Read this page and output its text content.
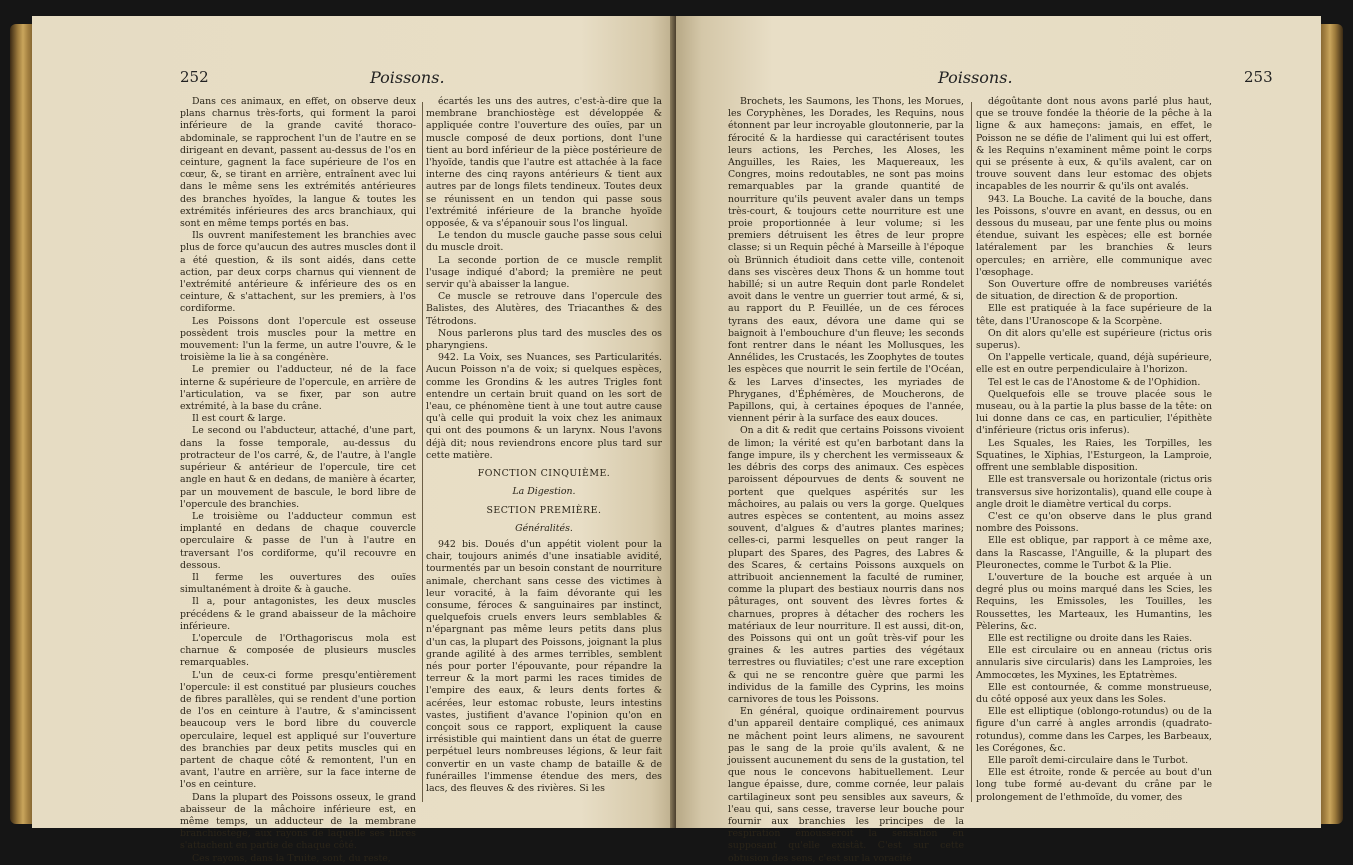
252	Poissons.

Dans ces animaux, en effet, on observe deux plans charnus très-forts, qui forment la paroi inférieure de la grande cavité thoraco-abdominale, se rapprochent l'un de l'autre en se dirigeant en devant, passent au-dessus de l'os en ceinture, gagnent la face supérieure de l'os en cœur, &, se tirant en arrière, entraînent avec lui dans le même sens les extrémités antérieures des branches hyoïdes, la langue & toutes les extrémités inférieures des arcs branchiaux, qui sont en même temps portés en bas.

Ils ouvrent manifestement les branchies avec plus de force qu'aucun des autres muscles dont il a été question, & ils sont aidés, dans cette action, par deux corps charnus qui viennent de l'extrémité antérieure & inférieure des os en ceinture, & s'attachent, sur les premiers, à l'os cordiforme.

Les Poissons dont l'opercule est osseuse possèdent trois muscles pour la mettre en mouvement: l'un la ferme, un autre l'ouvre, & le troisième la lie à sa congénère.

Le premier ou l'adducteur, né de la face interne & supérieure de l'opercule, en arrière de l'articulation, va se fixer, par son autre extrémité, à la base du crâne.

Il est court & large.

Le second ou l'abducteur, attaché, d'une part, dans la fosse temporale, au-dessus du protracteur de l'os carré, &, de l'autre, à l'angle supérieur & antérieur de l'opercule, tire cet angle en haut & en dedans, de manière à écarter, par un mouvement de bascule, le bord libre de l'opercule des branchies.

Le troisième ou l'adducteur commun est implanté en dedans de chaque couvercle operculaire & passe de l'un à l'autre en traversant l'os cordiforme, qu'il recouvre en dessous.

Il ferme les ouvertures des ouïes simultanément à droite & à gauche.

Il a, pour antagonistes, les deux muscles précédens & le grand abaisseur de la mâchoire inférieure.

L'opercule de l'Orthagoriscus mola est charnue & composée de plusieurs muscles remarquables.

L'un de ceux-ci forme presqu'entièrement l'opercule: il est constitué par plusieurs couches de fibres parallèles, qui se rendent d'une portion de l'os en ceinture à l'autre, & s'amincissent beaucoup vers le bord libre du couvercle operculaire, lequel est appliqué sur l'ouverture des branchies par deux petits muscles qui en partent de chaque côté & remontent, l'un en avant, l'autre en arrière, sur la face interne de l'os en ceinture.

Dans la plupart des Poissons osseux, le grand abaisseur de la mâchoire inférieure est, en même temps, un adducteur de la membrane branchiostège, aux rayons de laquelle ses fibres s'attachent en partie de chaque côté.

Ces rayons, dans la Truite, sont, du reste,

écartés les uns des autres, c'est-à-dire que la membrane branchiostège est développée & appliquée contre l'ouverture des ouïes, par un muscle composé de deux portions, dont l'une tient au bord inférieur de la pièce postérieure de l'hyoïde, tandis que l'autre est attachée à la face interne des cinq rayons antérieurs & tient aux autres par de longs filets tendineux. Toutes deux se réunissent en un tendon qui passe sous l'extrémité inférieure de la branche hyoïde opposée, & va s'épanouir sous l'os lingual.

Le tendon du muscle gauche passe sous celui du muscle droit.

La seconde portion de ce muscle remplit l'usage indiqué d'abord; la première ne peut servir qu'à abaisser la langue.

Ce muscle se retrouve dans l'opercule des Balistes, des Alutères, des Triacanthes & des Tétrodons.

Nous parlerons plus tard des muscles des os pharyngiens.

942. La Voix, ses Nuances, ses Particularités. Aucun Poisson n'a de voix; si quelques espèces, comme les Grondins & les autres Trigles font entendre un certain bruit quand on les sort de l'eau, ce phénomène tient à une tout autre cause qu'à celle qui produit la voix chez les animaux qui ont des poumons & un larynx. Nous l'avons déjà dit; nous reviendrons encore plus tard sur cette matière.

FONCTION CINQUIÈME.

La Digestion.

SECTION PREMIÈRE.

Généralités.

942 bis. Doués d'un appétit violent pour la chair, toujours animés d'une insatiable avidité, tourmentés par un besoin constant de nourriture animale, cherchant sans cesse des victimes à leur voracité, à la faim dévorante qui les consume, féroces & sanguinaires par instinct, quelquefois cruels envers leurs semblables & n'épargnant pas même leurs petits dans plus d'un cas, la plupart des Poissons, joignant la plus grande agilité à des armes terribles, semblent nés pour porter l'épouvante, pour répandre la terreur & la mort parmi les races timides de l'empire des eaux, & leurs dents fortes & acérées, leur estomac robuste, leurs intestins vastes, justifient d'avance l'opinion qu'on en conçoit sous ce rapport, expliquent la cause irrésistible qui maintient dans un état de guerre perpétuel leurs nombreuses légions, & leur fait convertir en un vaste champ de bataille & de funérailles l'immense étendue des mers, des lacs, des fleuves & des rivières. Si les

Poissons.	253

Brochets, les Saumons, les Thons, les Morues, les Coryphènes, les Dorades, les Requins, nous étonnent par leur incroyable gloutonnerie, par la férocité & la hardiesse qui caractérisent toutes leurs actions, les Perches, les Aloses, les Anguilles, les Raies, les Maquereaux, les Congres, moins redoutables, ne sont pas moins remarquables par la grande quantité de nourriture qu'ils peuvent avaler dans un temps très-court, & toujours cette nourriture est une proie proportionnée à leur volume; si les premiers détruisent les êtres de leur propre classe; si un Requin pêché à Marseille à l'époque où Brünnich étudioit dans cette ville, contenoit dans ses viscères deux Thons & un homme tout habillé; si un autre Requin dont parle Rondelet avoit dans le ventre un guerrier tout armé, & si, au rapport du P. Feuillée, un de ces féroces tyrans des eaux, dévora une dame qui se baignoit à l'embouchure d'un fleuve; les seconds font rentrer dans le néant les Mollusques, les Annélides, les Crustacés, les Zoophytes de toutes les espèces que nourrit le sein fertile de l'Océan, & les Larves d'insectes, les myriades de Phryganes, d'Éphémères, de Moucherons, de Papillons, qui, à certaines époques de l'année, viennent périr à la surface des eaux douces.

On a dit & redit que certains Poissons vivoient de limon; la vérité est qu'en barbotant dans la fange impure, ils y cherchent les vermisseaux & les débris des corps des animaux. Ces espèces paroissent dépourvues de dents & souvent ne portent que quelques aspérités sur les mâchoires, au palais ou vers la gorge. Quelques autres espèces se contentent, au moins assez souvent, d'algues & d'autres plantes marines; celles-ci, parmi lesquelles on peut ranger la plupart des Spares, des Pagres, des Labres & des Scares, & certains Poissons auxquels on attribuoit anciennement la faculté de ruminer, comme la plupart des bestiaux nourris dans nos pâturages, ont souvent des lèvres fortes & charnues, propres à détacher des rochers les matériaux de leur nourriture. Il est aussi, dit-on, des Poissons qui ont un goût très-vif pour les graines & les autres parties des végétaux terrestres ou fluviatiles; c'est une rare exception & qui ne se rencontre guère que parmi les individus de la famille des Cyprins, les moins carnivores de tous les Poissons.

En général, quoique ordinairement pourvus d'un appareil dentaire compliqué, ces animaux ne mâchent point leurs alimens, ne savourent pas le sang de la proie qu'ils avalent, & ne jouissent aucunement du sens de la gustation, tel que nous le concevons habituellement. Leur langue épaisse, dure, comme cornée, leur palais cartilagineux sont peu sensibles aux saveurs, & l'eau qui, sans cesse, traverse leur bouche pour fournir aux branchies les principes de la respiration émousseroit la sensation en supposant qu'elle existât. C'est sur cette obtusion des sens, c'est sur la voracité

dégoûtante dont nous avons parlé plus haut, que se trouve fondée la théorie de la pêche à la ligne & aux hameçons: jamais, en effet, le Poisson ne se défie de l'aliment qui lui est offert, & les Requins n'examinent même point le corps qui se présente à eux, & qu'ils avalent, car on trouve souvent dans leur estomac des objets incapables de les nourrir & qu'ils ont avalés.

943. La Bouche. La cavité de la bouche, dans les Poissons, s'ouvre en avant, en dessus, ou en dessous du museau, par une fente plus ou moins étendue, suivant les espèces; elle est bornée latéralement par les branchies & leurs opercules; en arrière, elle communique avec l'œsophage.

Son Ouverture offre de nombreuses variétés de situation, de direction & de proportion.

Elle est pratiquée à la face supérieure de la tête, dans l'Uranoscope & la Scorpène.

On dit alors qu'elle est supérieure (rictus oris superus).

On l'appelle verticale, quand, déjà supérieure, elle est en outre perpendiculaire à l'horizon.

Tel est le cas de l'Anostome & de l'Ophidion.

Quelquefois elle se trouve placée sous le museau, ou à la partie la plus basse de la tête: on lui donne dans ce cas, en particulier, l'épithète d'inférieure (rictus oris inferus).

Les Squales, les Raies, les Torpilles, les Squatines, le Xiphias, l'Esturgeon, la Lamproie, offrent une semblable disposition.

Elle est transversale ou horizontale (rictus oris transversus sive horizontalis), quand elle coupe à angle droit le diamètre vertical du corps.

C'est ce qu'on observe dans le plus grand nombre des Poissons.

Elle est oblique, par rapport à ce même axe, dans la Rascasse, l'Anguille, & la plupart des Pleuronectes, comme le Turbot & la Plie.

L'ouverture de la bouche est arquée à un degré plus ou moins marqué dans les Scies, les Requins, les Emissoles, les Touilles, les Roussettes, les Marteaux, les Humantins, les Pèlerins, &c.

Elle est rectiligne ou droite dans les Raies.

Elle est circulaire ou en anneau (rictus oris annularis sive circularis) dans les Lamproies, les Ammocœtes, les Myxines, les Eptatrèmes.

Elle est contournée, & comme monstrueuse, du côté opposé aux yeux dans les Soles.

Elle est elliptique (oblongo-rotundus) ou de la figure d'un carré à angles arrondis (quadrato-rotundus), comme dans les Carpes, les Barbeaux, les Corégones, &c.

Elle paroît demi-circulaire dans le Turbot.

Elle est étroite, ronde & percée au bout d'un long tube formé au-devant du crâne par le prolongement de l'ethmoïde, du vomer, des
